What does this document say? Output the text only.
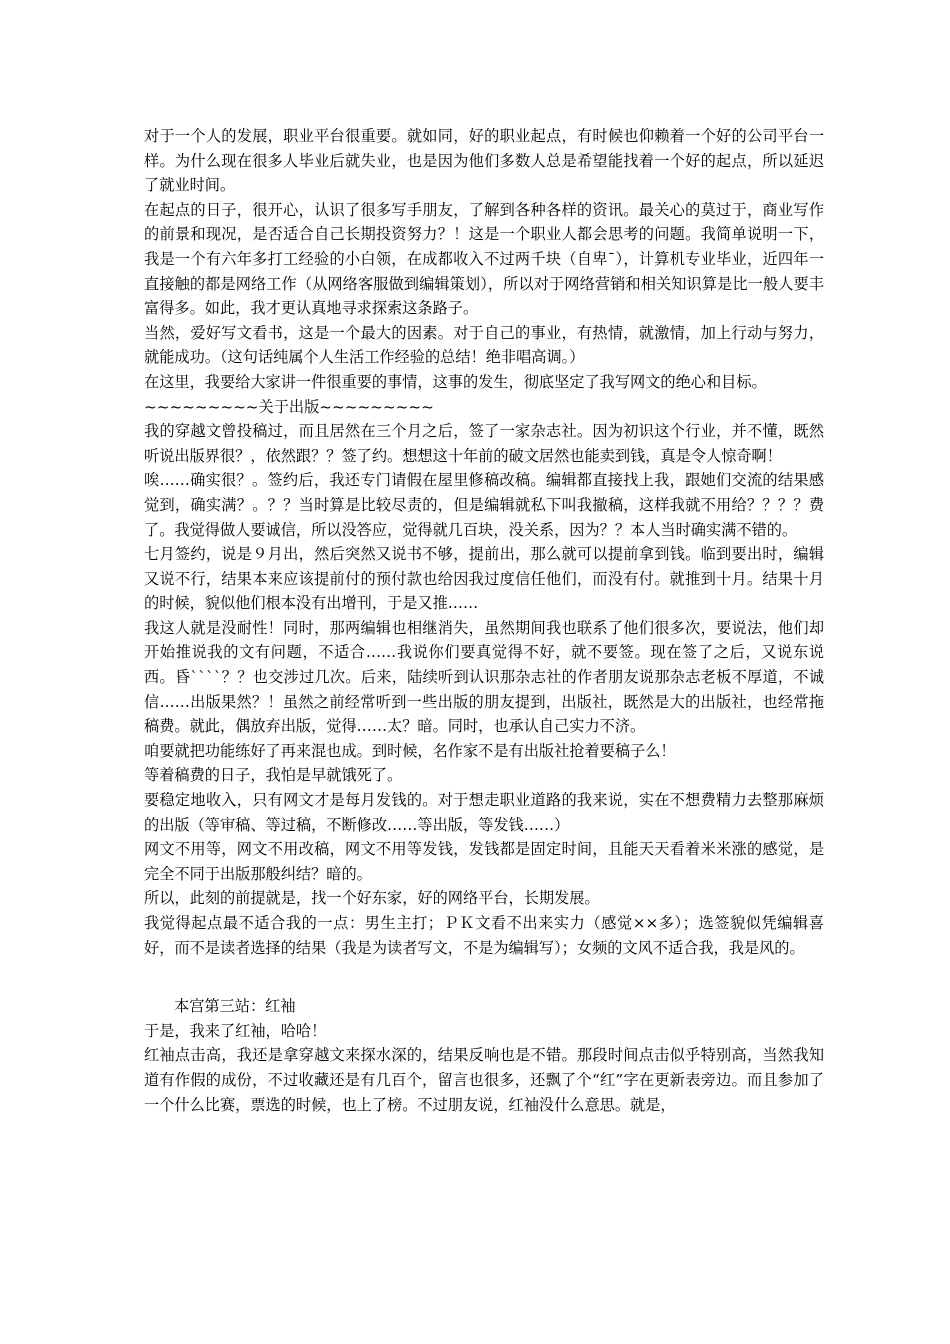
对于一个人的发展，职业平台很重要。就如同，好的职业起点，有时候也仰赖着一个好的公司平台一样。为什么现在很多人毕业后就失业，也是因为他们多数人总是希望能找着一个好的起点，所以延迟了就业时间。

在起点的日子，很开心，认识了很多写手朋友，了解到各种各样的资讯。最关心的莫过于，商业写作的前景和现况，是否适合自己长期投资努力？！这是一个职业人都会思考的问题。我简单说明一下，我是一个有六年多打工经验的小白领，在成都收入不过两千块（自卑ˉ），计算机专业毕业，近四年一直接触的都是网络工作（从网络客服做到编辑策划），所以对于网络营销和相关知识算是比一般人要丰富得多。如此，我才更认真地寻求探索这条路子。

当然，爱好写文看书，这是一个最大的因素。对于自己的事业，有热情，就激情，加上行动与努力，就能成功。（这句话纯属个人生活工作经验的总结！绝非唱高调。）

在这里，我要给大家讲一件很重要的事情，这事的发生，彻底坚定了我写网文的绝心和目标。

~~~~~~~~~关于出版~~~~~~~~~

我的穿越文曾投稿过，而且居然在三个月之后，签了一家杂志社。因为初识这个行业，并不懂，既然听说出版界很？，依然跟？？签了约。想想这十年前的破文居然也能卖到钱，真是令人惊奇啊！

唉……确实很？。签约后，我还专门请假在屋里修稿改稿。编辑都直接找上我，跟她们交流的结果感觉到，确实满？。？？当时算是比较尽责的，但是编辑就私下叫我撤稿，这样我就不用给？？？？费了。我觉得做人要诚信，所以没答应，觉得就几百块，没关系，因为？？本人当时确实满不错的。

七月签约，说是９月出，然后突然又说书不够，提前出，那么就可以提前拿到钱。临到要出时，编辑又说不行，结果本来应该提前付的预付款也给因我过度信任他们，而没有付。就推到十月。结果十月的时候，貌似他们根本没有出增刊，于是又推……

我这人就是没耐性！同时，那两编辑也相继消失，虽然期间我也联系了他们很多次，要说法，他们却开始推说我的文有问题，不适合……我说你们要真觉得不好，就不要签。现在签了之后，又说东说西。昏ˋˋˋˋ？？也交涉过几次。后来，陆续听到认识那杂志社的作者朋友说那杂志老板不厚道，不诚信……出版果然？！虽然之前经常听到一些出版的朋友提到，出版社，既然是大的出版社，也经常拖稿费。就此，偶放弃出版，觉得……太？暗。同时，也承认自己实力不济。

咱要就把功能练好了再来混也成。到时候，名作家不是有出版社抢着要稿子么！

等着稿费的日子，我怕是早就饿死了。

要稳定地收入，只有网文才是每月发钱的。对于想走职业道路的我来说，实在不想费精力去整那麻烦的出版（等审稿、等过稿，不断修改……等出版，等发钱……）

网文不用等，网文不用改稿，网文不用等发钱，发钱都是固定时间，且能天天看着米米涨的感觉，是完全不同于出版那般纠结？暗的。

所以，此刻的前提就是，找一个好东家，好的网络平台，长期发展。

我觉得起点最不适合我的一点：男生主打；ＰＫ文看不出来实力（感觉××多）；选签貌似凭编辑喜好，而不是读者选择的结果（我是为读者写文，不是为编辑写）；女频的文风不适合我，我是风的。

本宫第三站：红袖

于是，我来了红袖，哈哈！

红袖点击高，我还是拿穿越文来探水深的，结果反响也是不错。那段时间点击似乎特别高，当然我知道有作假的成份，不过收藏还是有几百个，留言也很多，还飘了个“红”字在更新表旁边。而且参加了一个什么比赛，票选的时候，也上了榜。不过朋友说，红袖没什么意思。就是，
